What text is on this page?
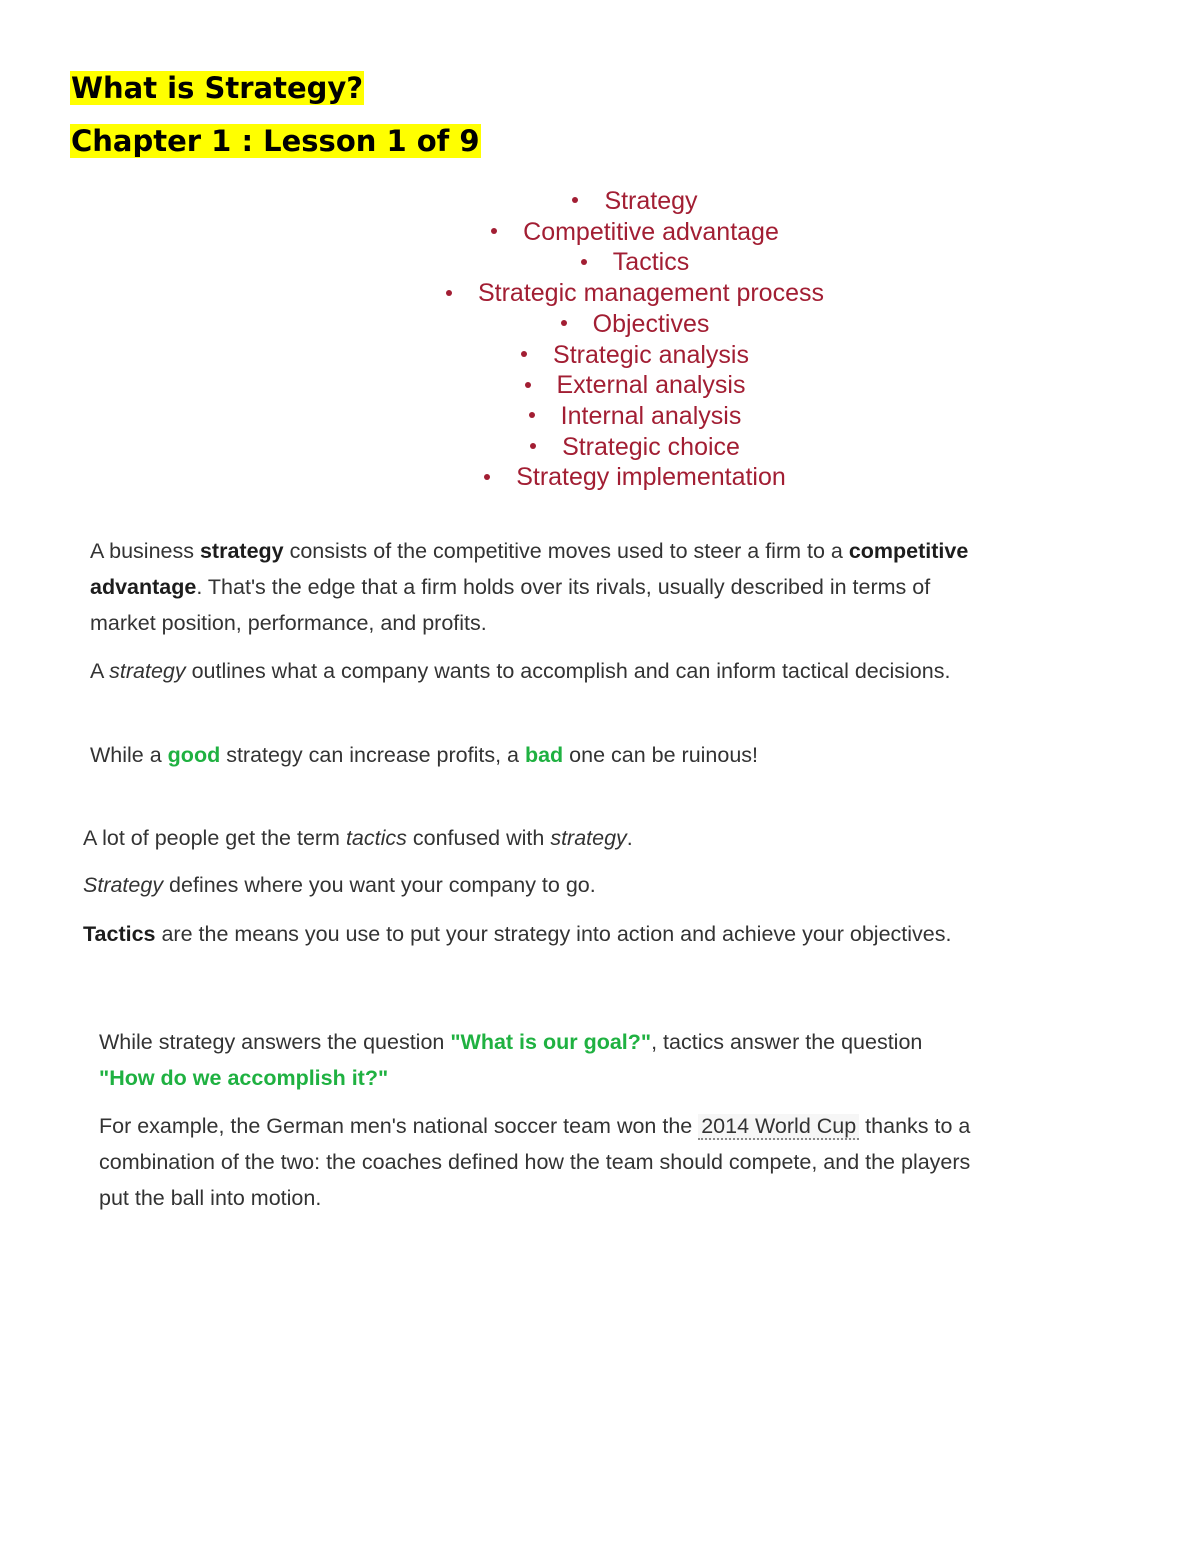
What is Strategy?
Chapter 1 : Lesson 1 of 9
Strategy
Competitive advantage
Tactics
Strategic management process
Objectives
Strategic analysis
External analysis
Internal analysis
Strategic choice
Strategy implementation

A business strategy consists of the competitive moves used to steer a firm to a competitive advantage. That's the edge that a firm holds over its rivals, usually described in terms of market position, performance, and profits.

A strategy outlines what a company wants to accomplish and can inform tactical decisions.

While a good strategy can increase profits, a bad one can be ruinous!

A lot of people get the term tactics confused with strategy.

Strategy defines where you want your company to go.

Tactics are the means you use to put your strategy into action and achieve your objectives.

While strategy answers the question "What is our goal?", tactics answer the question "How do we accomplish it?"

For example, the German men's national soccer team won the 2014 World Cup thanks to a combination of the two: the coaches defined how the team should compete, and the players put the ball into motion.
